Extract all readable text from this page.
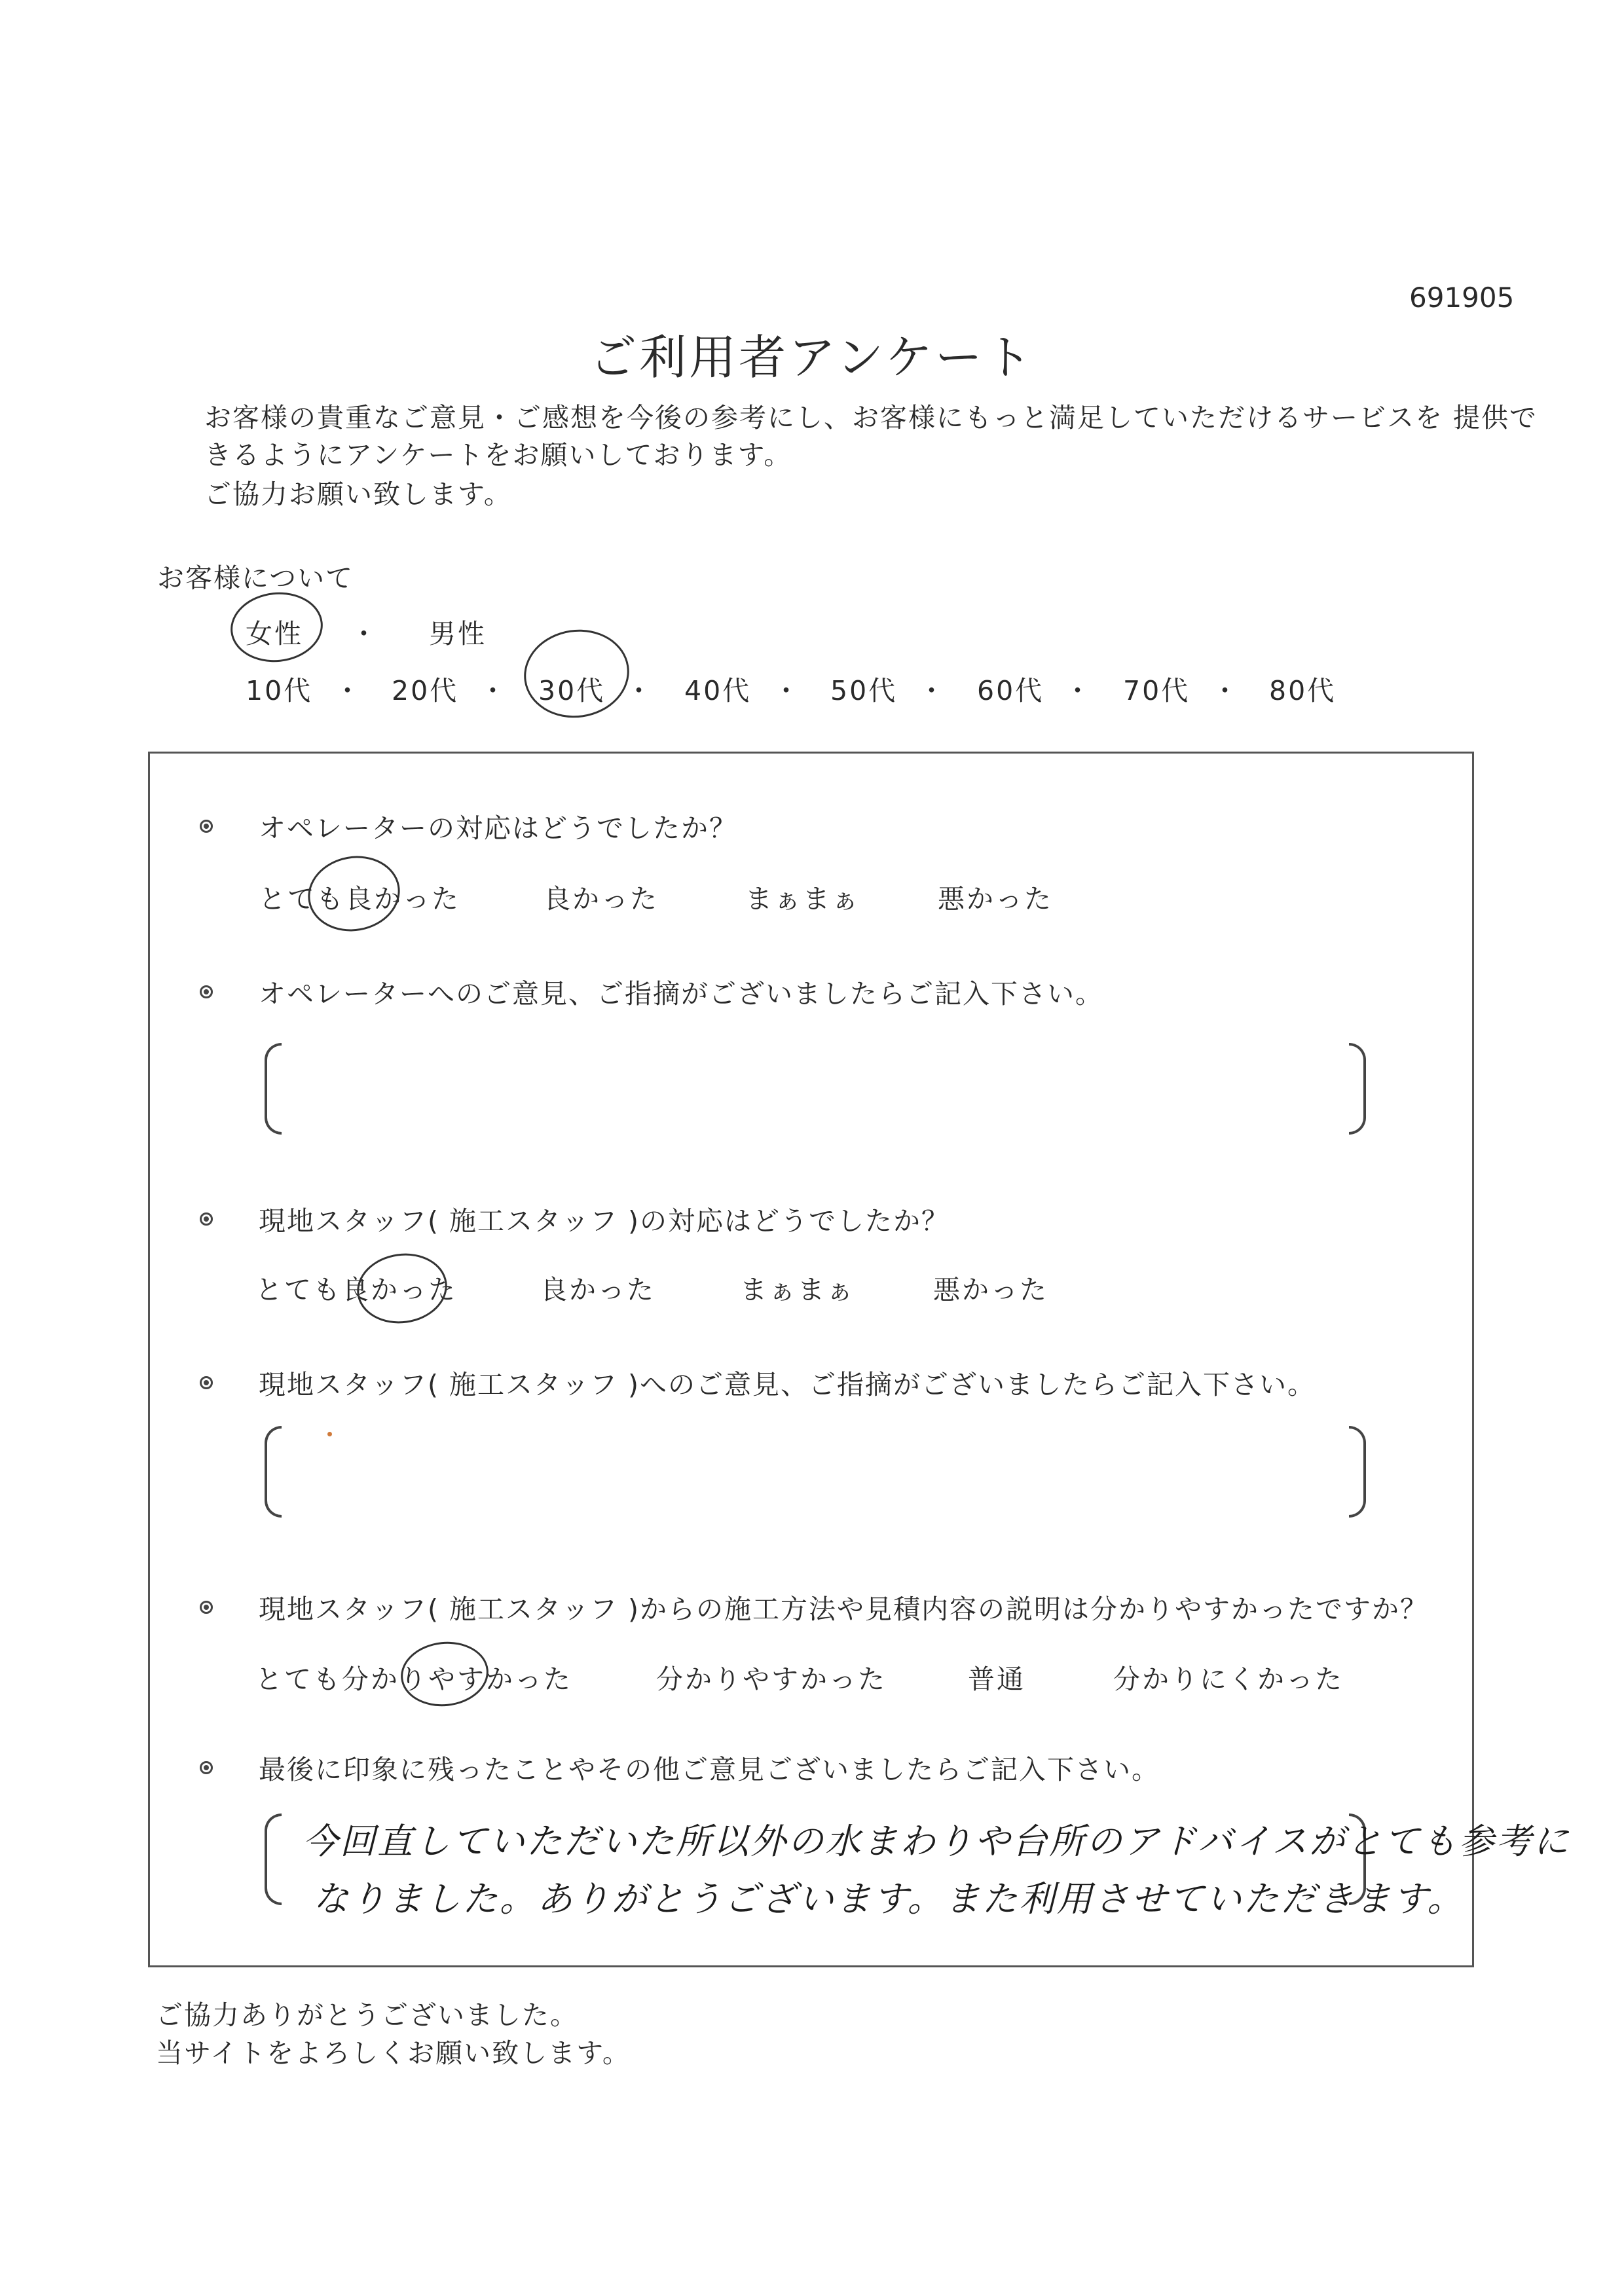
691905
ご利用者アンケート
お客様の貴重なご意見・ご感想を今後の参考にし、お客様にもっと満足していただけるサービスを 提供で
きるようにアンケートをお願いしております。
ご協力お願い致します。
お客様について
女性 ・ 男性
10代 ・ 20代 ・ 30代 ・ 40代 ・ 50代 ・ 60代 ・ 70代 ・ 80代
オペレーターの対応はどうでしたか？
とても良かった	良かった	まぁまぁ	悪かった
オペレーターへのご意見、ご指摘がございましたらご記入下さい。
現地スタッフ( 施工スタッフ )の対応はどうでしたか？
とても良かった	良かった	まぁまぁ	悪かった
現地スタッフ( 施工スタッフ )へのご意見、ご指摘がございましたらご記入下さい。
現地スタッフ( 施工スタッフ )からの施工方法や見積内容の説明は分かりやすかったですか？
とても分かりやすかった	分かりやすかった	普通	分かりにくかった
最後に印象に残ったことやその他ご意見ございましたらご記入下さい。
今回直していただいた所以外の水まわりや台所のアドバイスがとても参考に
なりました。ありがとうございます。また利用させていただきます。
ご協力ありがとうございました。
当サイトをよろしくお願い致します。
